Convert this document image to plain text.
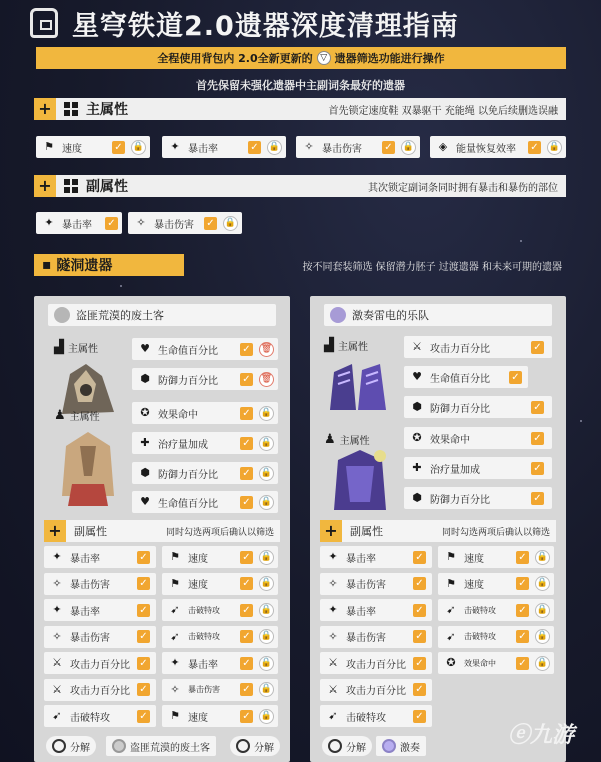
星穹铁道2.0遗器深度清理指南
全程使用背包内 2.0全新更新的 ▽ 遗器筛选功能进行操作
首先保留未强化遗器中主副词条最好的遗器
+	主属性	首先锁定速度鞋 双暴驱干 充能绳 以免后续删选误融
⚑ 速度	✓ 🔒 ✦ 暴击率	✓ 🔒 ✧ 暴击伤害 ✓ 🔒 ◈ 能量恢复效率 ✓ 🔒
+	副属性	其次锁定副词条同时拥有暴击和暴伤的部位
✦ 暴击率 ✓ ✧ 暴击伤害 ✓ 🔒
▪ 隧洞遗器	按不同套装筛选 保留潜力胚子 过渡遗器 和未来可期的遗器
盗匪荒漠的废土客
▟ 主属性	♥ 生命值百分比 ✓ 🗑
⬢ 防御力百分比 ✓ 🗑
♟ 主属性	✪ 效果命中	✓ 🔒
✚ 治疗量加成	✓ 🔒
⬢ 防御力百分比 ✓ 🔒
♥ 生命值百分比 ✓ 🔒
+	副属性	同时勾选两项后确认以筛选
✦ 暴击率	✓ ⚑ 速度	✓ 🔒
✧ 暴击伤害	✓ ⚑ 速度	✓ 🔒
✦ 暴击率	✓ ➹ 击破特攻 ✓ 🔒
✧ 暴击伤害	✓ ➹ 击破特攻 ✓ 🔒
⚔ 攻击力百分比 ✓ ✦ 暴击率 ✓ 🔒
⚔ 攻击力百分比 ✓ ✧ 暴击伤害 ✓ 🔒
➹ 击破特攻	✓ ⚑ 速度	✓ 🔒
分解	盗匪荒漠的废土客	分解
激奏雷电的乐队
▟ 主属性	⚔ 攻击力百分比	✓
♥ 生命值百分比 ✓
⬢ 防御力百分比	✓
♟ 主属性	✪ 效果命中	✓
✚ 治疗量加成	✓
⬢ 防御力百分比	✓
+	副属性	同时勾选两项后确认以筛选
✦ 暴击率	✓ ⚑ 速度	✓ 🔒
✧ 暴击伤害	✓ ⚑ 速度	✓ 🔒
✦ 暴击率	✓ ➹ 击破特攻 ✓ 🔒
✧ 暴击伤害	✓ ➹ 击破特攻 ✓ 🔒
⚔ 攻击力百分比 ✓ ✪ 效果命中 ✓ 🔒
⚔ 攻击力百分比 ✓
➹ 击破特攻	✓
分解	激奏	ⓔ九游
